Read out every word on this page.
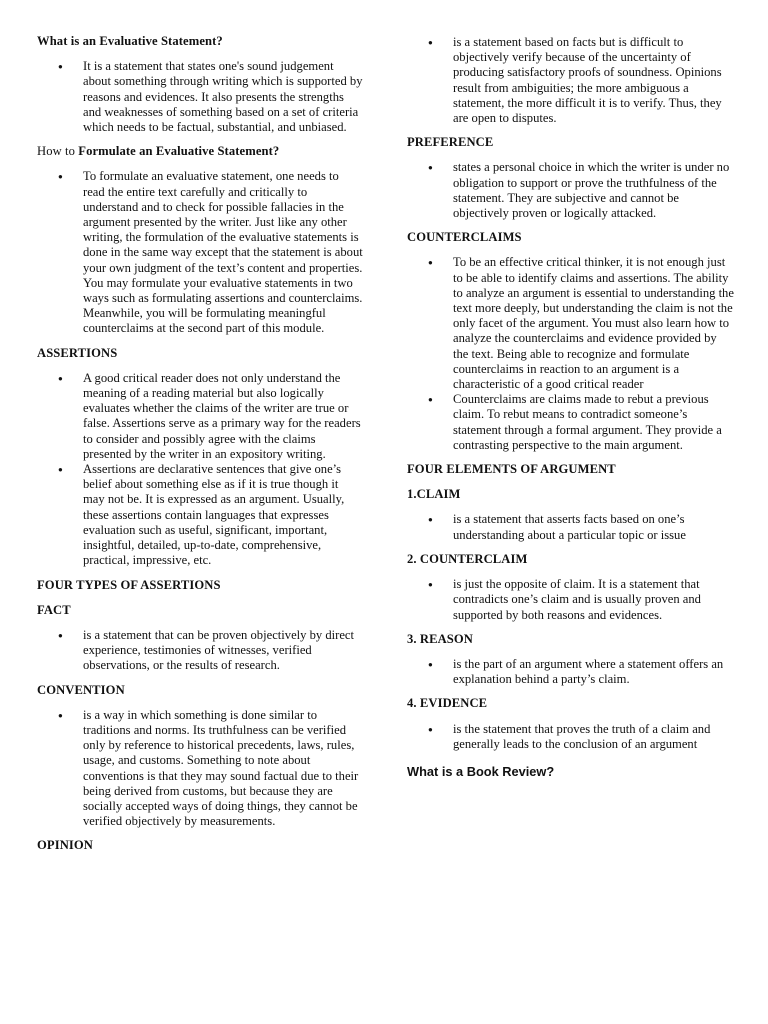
What is an Evaluative Statement?

● It is a statement that states one's sound judgement about something through writing which is supported by reasons and evidences. It also presents the strengths and weaknesses of something based on a set of criteria which needs to be factual, substantial, and unbiased.

How to Formulate an Evaluative Statement?

● To formulate an evaluative statement, one needs to read the entire text carefully and critically to understand and to check for possible fallacies in the argument presented by the writer. Just like any other writing, the formulation of the evaluative statements is done in the same way except that the statement is about your own judgment of the text’s content and properties. You may formulate your evaluative statements in two ways such as formulating assertions and counterclaims. Meanwhile, you will be formulating meaningful counterclaims at the second part of this module.

ASSERTIONS

● A good critical reader does not only understand the meaning of a reading material but also logically evaluates whether the claims of the writer are true or false. Assertions serve as a primary way for the readers to consider and possibly agree with the claims presented by the writer in an expository writing.
● Assertions are declarative sentences that give one’s belief about something else as if it is true though it may not be. It is expressed as an argument. Usually, these assertions contain languages that expresses evaluation such as useful, significant, important, insightful, detailed, up-to-date, comprehensive, practical, impressive, etc.

FOUR TYPES OF ASSERTIONS

FACT

● is a statement that can be proven objectively by direct experience, testimonies of witnesses, verified observations, or the results of research.

CONVENTION

● is a way in which something is done similar to traditions and norms. Its truthfulness can be verified only by reference to historical precedents, laws, rules, usage, and customs. Something to note about conventions is that they may sound factual due to their being derived from customs, but because they are socially accepted ways of doing things, they cannot be verified objectively by measurements.

OPINION

● is a statement based on facts but is difficult to objectively verify because of the uncertainty of producing satisfactory proofs of soundness. Opinions result from ambiguities; the more ambiguous a statement, the more difficult it is to verify. Thus, they are open to disputes.

PREFERENCE

● states a personal choice in which the writer is under no obligation to support or prove the truthfulness of the statement. They are subjective and cannot be objectively proven or logically attacked.

COUNTERCLAIMS

● To be an effective critical thinker, it is not enough just to be able to identify claims and assertions. The ability to analyze an argument is essential to understanding the text more deeply, but understanding the claim is not the only facet of the argument. You must also learn how to analyze the counterclaims and evidence provided by the text. Being able to recognize and formulate counterclaims in reaction to an argument is a characteristic of a good critical reader
● Counterclaims are claims made to rebut a previous claim. To rebut means to contradict someone’s statement through a formal argument. They provide a contrasting perspective to the main argument.

FOUR ELEMENTS OF ARGUMENT

1.CLAIM

● is a statement that asserts facts based on one’s understanding about a particular topic or issue

2. COUNTERCLAIM

● is just the opposite of claim. It is a statement that contradicts one’s claim and is usually proven and supported by both reasons and evidences.

3. REASON

● is the part of an argument where a statement offers an explanation behind a party’s claim.

4. EVIDENCE

● is the statement that proves the truth of a claim and generally leads to the conclusion of an argument

What is a Book Review?
